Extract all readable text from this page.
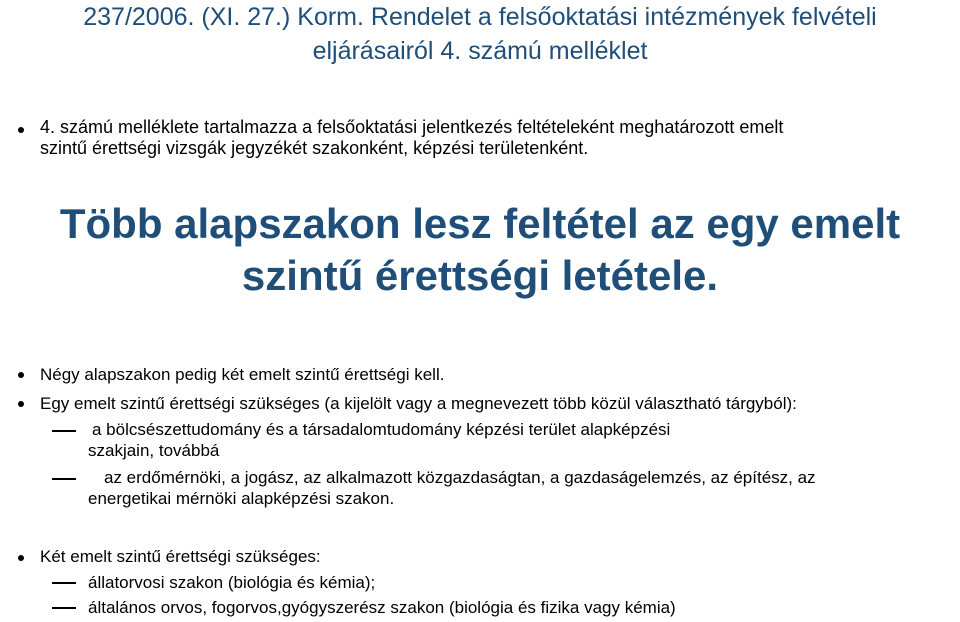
237/2006. (XI. 27.) Korm. Rendelet a felsőoktatási intézmények felvételi
eljárásairól 4. számú melléklet
4. számú melléklete tartalmazza a felsőoktatási jelentkezés feltételeként meghatározott emelt
szintű érettségi vizsgák jegyzékét szakonként, képzési területenként.
Több alapszakon lesz feltétel az egy emelt
szintű érettségi letétele.
Négy alapszakon pedig két emelt szintű érettségi kell.
Egy emelt szintű érettségi szükséges (a kijelölt vagy a megnevezett több közül választható tárgyból):
a bölcsészettudomány és a társadalomtudomány képzési terület alapképzési
szakjain, továbbá
az erdőmérnöki, a jogász, az alkalmazott közgazdaságtan, a gazdaságelemzés, az építész, az
energetikai mérnöki alapképzési szakon.
Két emelt szintű érettségi szükséges:
állatorvosi szakon (biológia és kémia);
általános orvos, fogorvos,gyógyszerész szakon (biológia és fizika vagy kémia)
